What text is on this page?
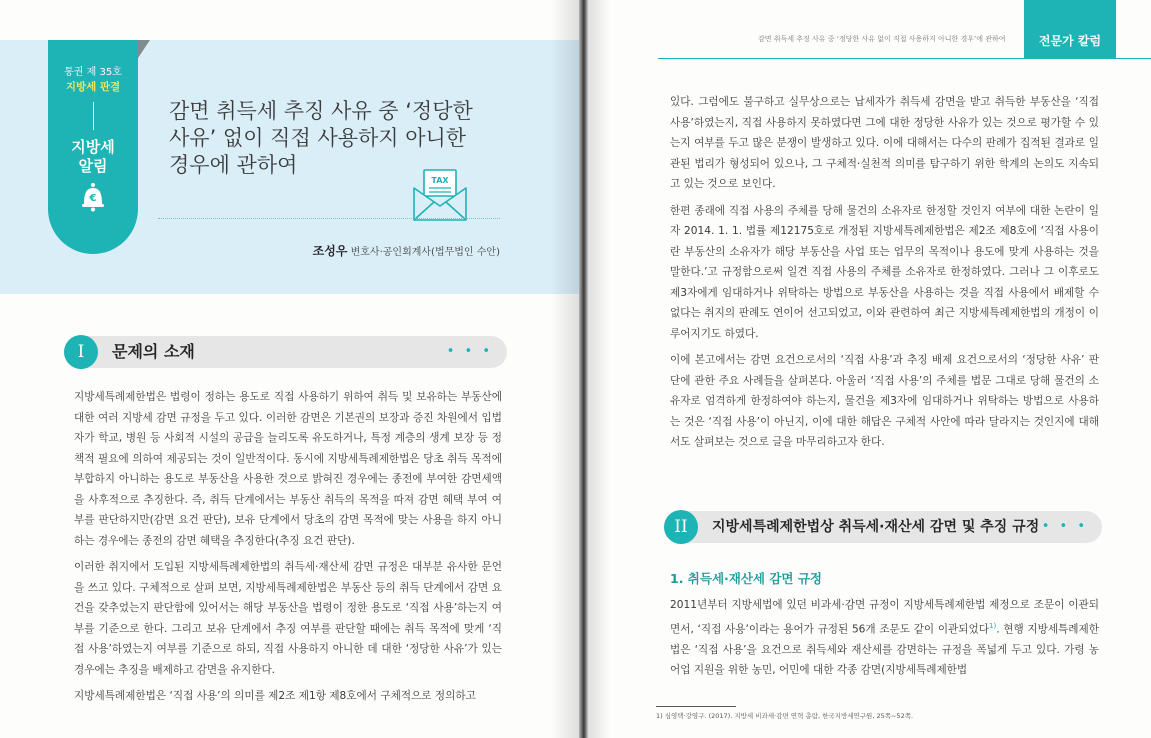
통권 제 35호
지방세 판결
지방세
알림
€
감면 취득세 추징 사유 중 ‘정당한
사유’ 없이 직접 사용하지 아니한
경우에 관하여
TAX
조성우 변호사·공인회계사(법무법인 수안)
I	문제의 소재	• • •

지방세특례제한법은 법령이 정하는 용도로 직접 사용하기 위하여 취득 및 보유하는 부동산에 대한 여러 지방세 감면 규정을 두고 있다. 이러한 감면은 기본권의 보장과 증진 차원에서 입법자가 학교, 병원 등 사회적 시설의 공급을 늘리도록 유도하거나, 특정 계층의 생계 보장 등 정책적 필요에 의하여 제공되는 것이 일반적이다. 동시에 지방세특례제한법은 당초 취득 목적에 부합하지 아니하는 용도로 부동산을 사용한 것으로 밝혀진 경우에는 종전에 부여한 감면세액을 사후적으로 추징한다. 즉, 취득 단계에서는 부동산 취득의 목적을 따져 감면 혜택 부여 여부를 판단하지만(감면 요건 판단), 보유 단계에서 당초의 감면 목적에 맞는 사용을 하지 아니하는 경우에는 종전의 감면 혜택을 추징한다(추징 요건 판단).

이러한 취지에서 도입된 지방세특례제한법의 취득세·재산세 감면 규정은 대부분 유사한 문언을 쓰고 있다. 구체적으로 살펴 보면, 지방세특례제한법은 부동산 등의 취득 단계에서 감면 요건을 갖추었는지 판단함에 있어서는 해당 부동산을 법령이 정한 용도로 ‘직접 사용’하는지 여부를 기준으로 한다. 그리고 보유 단계에서 추징 여부를 판단할 때에는 취득 목적에 맞게 ‘직접 사용’하였는지 여부를 기준으로 하되, 직접 사용하지 아니한 데 대한 ‘정당한 사유’가 있는 경우에는 추징을 배제하고 감면을 유지한다.

지방세특례제한법은 ‘직접 사용’의 의미를 제2조 제1항 제8호에서 구체적으로 정의하고

감면 취득세 추징 사유 중 ‘정당한 사유 없이 직접 사용하지 아니한 경우’에 관하여	전문가 칼럼

있다. 그럼에도 불구하고 실무상으로는 납세자가 취득세 감면을 받고 취득한 부동산을 ‘직접 사용’하였는지, 직접 사용하지 못하였다면 그에 대한 정당한 사유가 있는 것으로 평가할 수 있는지 여부를 두고 많은 분쟁이 발생하고 있다. 이에 대해서는 다수의 판례가 집적된 결과로 일관된 법리가 형성되어 있으나, 그 구체적·실천적 의미를 탐구하기 위한 학계의 논의도 지속되고 있는 것으로 보인다.

한편 종래에 직접 사용의 주체를 당해 물건의 소유자로 한정할 것인지 여부에 대한 논란이 일자 2014. 1. 1. 법률 제12175호로 개정된 지방세특례제한법은 제2조 제8호에 ‘직접 사용이란 부동산의 소유자가 해당 부동산을 사업 또는 업무의 목적이나 용도에 맞게 사용하는 것을 말한다.’고 규정함으로써 일견 직접 사용의 주체를 소유자로 한정하였다. 그러나 그 이후로도 제3자에게 임대하거나 위탁하는 방법으로 부동산을 사용하는 것을 직접 사용에서 배제할 수 없다는 취지의 판례도 연이어 선고되었고, 이와 관련하여 최근 지방세특례제한법의 개정이 이루어지기도 하였다.

이에 본고에서는 감면 요건으로서의 ‘직접 사용’과 추징 배제 요건으로서의 ‘정당한 사유’ 판단에 관한 주요 사례들을 살펴본다. 아울러 ‘직접 사용’의 주체를 법문 그대로 당해 물건의 소유자로 엄격하게 한정하여야 하는지, 물건을 제3자에 임대하거나 위탁하는 방법으로 사용하는 것은 ‘직접 사용’이 아닌지, 이에 대한 해답은 구체적 사안에 따라 달라지는 것인지에 대해서도 살펴보는 것으로 글을 마무리하고자 한다.

II	지방세특례제한법상 취득세·재산세 감면 및 추징 규정 • • •
1. 취득세·재산세 감면 규정

2011년부터 지방세법에 있던 비과세·감면 규정이 지방세특례제한법 제정으로 조문이 이관되면서, ‘직접 사용’이라는 용어가 규정된 56개 조문도 같이 이관되었다$^{1)}$. 현행 지방세특례제한법은 ‘직접 사용’을 요건으로 취득세와 재산세를 감면하는 규정을 폭넓게 두고 있다. 가령 농어업 지원을 위한 농민, 어민에 대한 각종 감면(지방세특례제한법

1) 심영택·강영구. (2017). 지방세 비과세·감면 연혁 총람, 한국지방세연구원, 25쪽~52쪽.
